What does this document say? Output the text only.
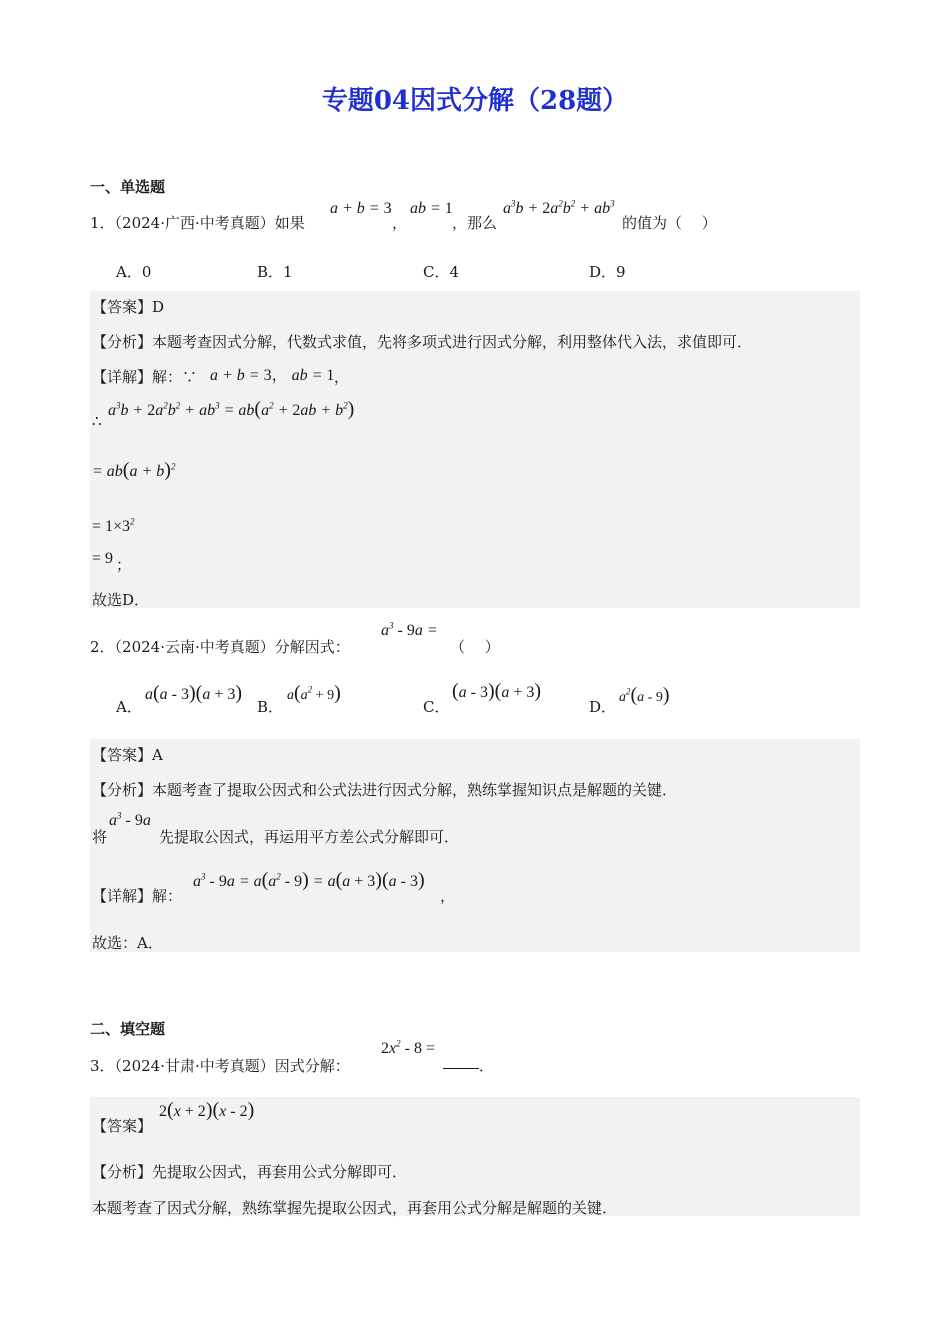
专题04因式分解（28题）
一、单选题
1．（2024·广西·中考真题）如果
a + b = 3
，
ab = 1
，那么
$a^3b + 2a^2b^2 + ab^3$
的值为（　 ）
A．0	B．1	C．4	D．9
【答案】D
【分析】本题考查因式分解，代数式求值，先将多项式进行因式分解，利用整体代入法，求值即可．
【详解】解：∵ a + b = 3， ab = 1 ，
∴
$a^3b + 2a^2b^2 + ab^3 = ab(a^2 + 2ab + b^2)$
= $ab(a + b)^2$
= $1\times 3^2$
= 9 ；
故选D．
2．（2024·云南·中考真题）分解因式：
$a^3 - 9a$ =
（　 ）
A．
a(a - 3)(a + 3)
B．
$a(a^2 + 9)$
C．
(a - 3)(a + 3)
D．
$a^2(a - 9)$
【答案】A
【分析】本题考查了提取公因式和公式法进行因式分解，熟练掌握知识点是解题的关键．
将
$a^3 - 9a$
先提取公因式，再运用平方差公式分解即可．
【详解】解：
$a^3 - 9a = a(a^2 - 9) = a(a + 3)(a - 3)$
，
故选：A．
二、填空题
3．（2024·甘肃·中考真题）因式分解：
$2x^2 - 8$ =
．
【答案】
2(x + 2)(x - 2)
【分析】先提取公因式，再套用公式分解即可．
本题考查了因式分解，熟练掌握先提取公因式，再套用公式分解是解题的关键．
